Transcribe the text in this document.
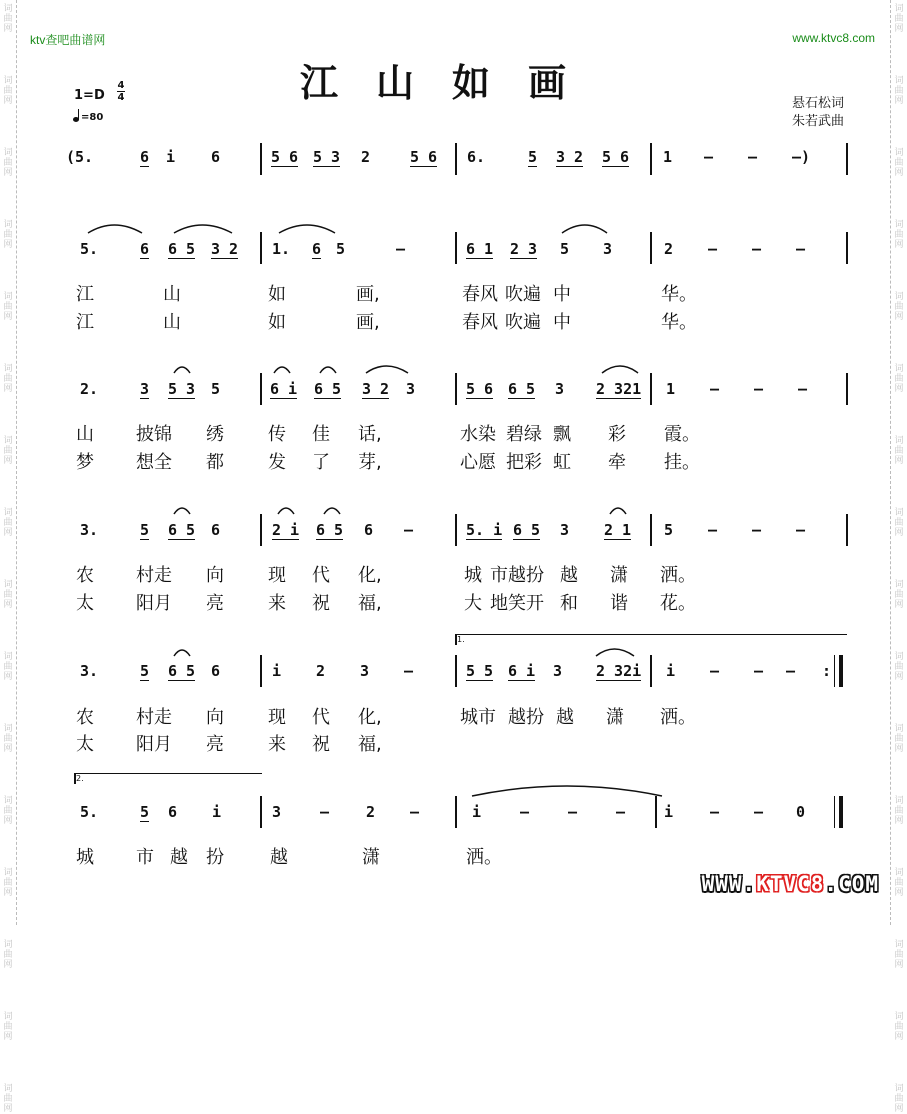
词曲网
词曲网
词曲网
词曲网
词曲网
词曲网
词曲网
词曲网
词曲网
词曲网
词曲网
词曲网
词曲网
词曲网
词曲网
词曲网
词曲网
词曲网
词曲网
词曲网
词曲网
词曲网
词曲网
词曲网
词曲网
词曲网
词曲网
词曲网
词曲网
词曲网
词曲网
词曲网
ktv查吧曲谱网	www.ktvc8.com
江山如画
1=D
4
4
=80
悬石松词
朱若武曲
(5.	6 i 6	5 6 5 3 2	5 6 6.	5 3 2 5 6 1 – – –)
5.	6 6 5 3 2 1. 6 5	–	6 1 2 3 5 3	2 – – –
江	山	如	画,	春风 吹遍 中	华。
江	山	如	画,	春风 吹遍 中	华。
2.	3 5 3 5	6 i 6 5 3 2 3	5 6 6 5 3 2 321 1 – – –
山 披锦 绣 传 佳 话,	水染 碧绿 飘 彩 霞。
梦 想全 都 发 了 芽,	心愿 把彩 虹 牵 挂。
3.	5 6 5 6	2 i 6 5 6 –	5. i 6 5 3 2 1 5 – – –
农 村走 向 现 代 化,	城 市越扮 越 潇 洒。
太 阳月 亮 来 祝 福,	大 地笑开 和 谐 花。
1.
3.	5 6 5 6	i 2 3 –	5 5 6 i 3 2 32i i – – – :
农 村走 向 现 代 化,	城市 越扮 越 潇 洒。
太 阳月 亮 来 祝 福,
2.
5.	5 6 i	3	– 2 –	i	–	–	–	i – – 0
城 市 越 扮	越	潇	洒。
WWW.KTVC8.COM
